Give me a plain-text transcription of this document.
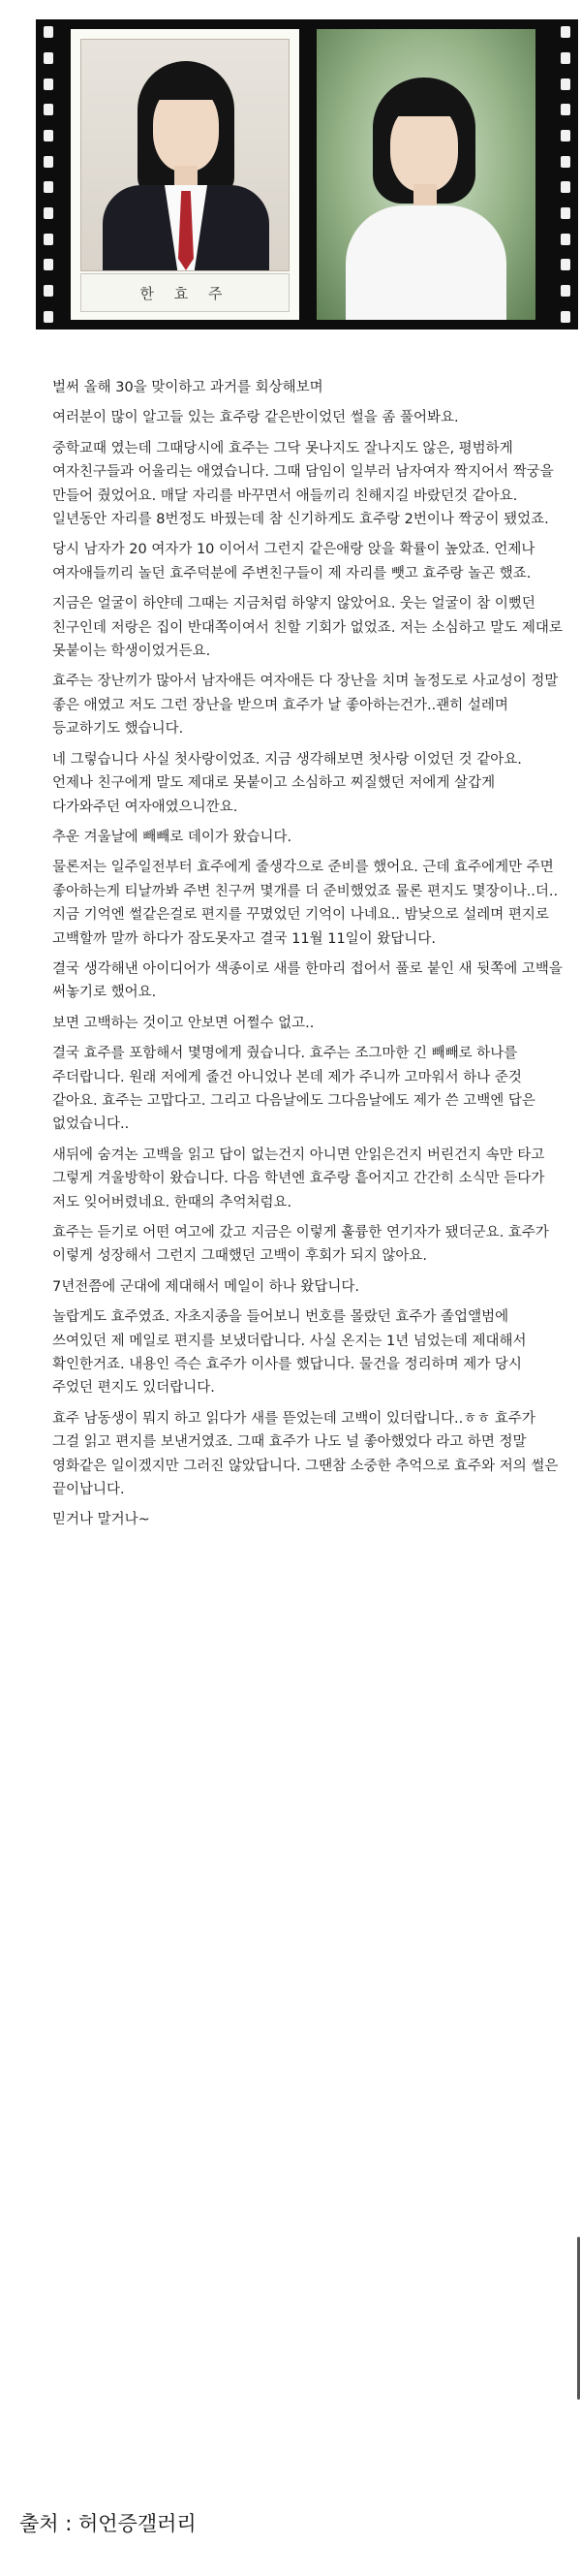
한 효 주

벌써 올해 30을 맞이하고 과거를 회상해보며

여러분이 많이 알고들 있는 효주랑 같은반이었던 썰을 좀 풀어봐요.

중학교때 였는데 그때당시에 효주는 그닥 못나지도 잘나지도 않은, 평범하게 여자친구들과 어울리는 애였습니다. 그때 담임이 일부러 남자여자 짝지어서 짝궁을 만들어 줬었어요. 매달 자리를 바꾸면서 애들끼리 친해지길 바랐던것 같아요. 일년동안 자리를 8번정도 바꿨는데 참 신기하게도 효주랑 2번이나 짝궁이 됐었죠.

당시 남자가 20 여자가 10 이어서 그런지 같은애랑 앉을 확률이 높았죠. 언제나 여자애들끼리 놀던 효주덕분에 주변친구들이 제 자리를 뺏고 효주랑 놀곤 했죠.

지금은 얼굴이 하얀데 그때는 지금처럼 하얗지 않았어요. 웃는 얼굴이 참 이뻤던 친구인데 저랑은 집이 반대쪽이여서 친할 기회가 없었죠. 저는 소심하고 말도 제대로 못붙이는 학생이었거든요.

효주는 장난끼가 많아서 남자애든 여자애든 다 장난을 치며 놀정도로 사교성이 정말 좋은 애였고 저도 그런 장난을 받으며 효주가 날 좋아하는건가..괜히 설레며 등교하기도 했습니다.

네 그렇습니다 사실 첫사랑이었죠. 지금 생각해보면 첫사랑 이었던 것 같아요. 언제나 친구에게 말도 제대로 못붙이고 소심하고 찌질했던 저에게 살갑게 다가와주던 여자애였으니깐요.

추운 겨울날에 빼빼로 데이가 왔습니다.

물론저는 일주일전부터 효주에게 줄생각으로 준비를 했어요. 근데 효주에게만 주면 좋아하는게 티날까봐 주변 친구꺼 몇개를 더 준비했었죠 물론 편지도 몇장이나..더.. 지금 기억엔 썰같은걸로 편지를 꾸몄었던 기억이 나네요.. 밤낮으로 설레며 편지로 고백할까 말까 하다가 잠도못자고 결국 11월 11일이 왔답니다.

결국 생각해낸 아이디어가 색종이로 새를 한마리 접어서 풀로 붙인 새 뒷쪽에 고백을 써놓기로 했어요.

보면 고백하는 것이고 안보면 어쩔수 없고..

결국 효주를 포함해서 몇명에게 줬습니다. 효주는 조그마한 긴 빼빼로 하나를 주더랍니다. 원래 저에게 줄건 아니었나 본데 제가 주니까 고마워서 하나 준것 같아요. 효주는 고맙다고. 그리고 다음날에도 그다음날에도 제가 쓴 고백엔 답은 없었습니다..

새뒤에 숨겨논 고백을 읽고 답이 없는건지 아니면 안읽은건지 버린건지 속만 타고 그렇게 겨울방학이 왔습니다. 다음 학년엔 효주랑 흩어지고 간간히 소식만 듣다가 저도 잊어버렸네요. 한때의 추억처럼요.

효주는 듣기로 어떤 여고에 갔고 지금은 이렇게 훌륭한 연기자가 됐더군요. 효주가 이렇게 성장해서 그런지 그때했던 고백이 후회가 되지 않아요.

7년전쯤에 군대에 제대해서 메일이 하나 왔답니다.

놀랍게도 효주였죠. 자초지종을 들어보니 번호를 몰랐던 효주가 졸업앨범에 쓰여있던 제 메일로 편지를 보냈더랍니다. 사실 온지는 1년 넘었는데 제대해서 확인한거죠. 내용인 즉슨 효주가 이사를 했답니다. 물건을 정리하며 제가 당시 주었던 편지도 있더랍니다.

효주 남동생이 뭐지 하고 읽다가 새를 뜯었는데 고백이 있더랍니다..ㅎㅎ 효주가 그걸 읽고 편지를 보낸거였죠. 그때 효주가 나도 널 좋아했었다 라고 하면 정말 영화같은 일이겠지만 그러진 않았답니다. 그땐참 소중한 추억으로 효주와 저의 썰은 끝이납니다.

믿거나 말거나~

출처 : 허언증갤러리
